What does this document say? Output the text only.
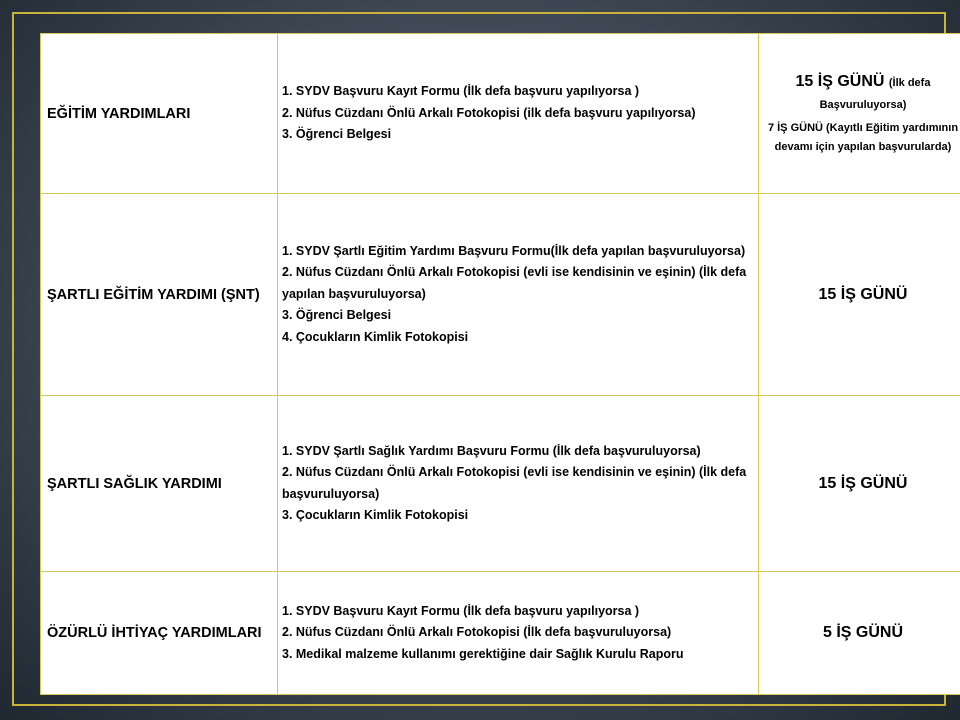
EĞİTİM YARDIMLARI	1. SYDV Başvuru Kayıt Formu (İlk defa başvuru yapılıyorsa )
2. Nüfus Cüzdanı Önlü Arkalı Fotokopisi (ilk defa başvuru yapılıyorsa)
3. Öğrenci Belgesi	15 İŞ GÜNÜ (İlk defa Başvuruluyorsa)
7 İŞ GÜNÜ (Kayıtlı Eğitim yardımının devamı için yapılan başvurularda)

ŞARTLI EĞİTİM YARDIMI (ŞNT)	1. SYDV Şartlı Eğitim Yardımı Başvuru Formu(İlk defa yapılan başvuruluyorsa)
2. Nüfus Cüzdanı Önlü Arkalı Fotokopisi (evli ise kendisinin ve eşinin) (İlk defa yapılan başvuruluyorsa)
3. Öğrenci Belgesi
4. Çocukların Kimlik Fotokopisi	15 İŞ GÜNÜ

ŞARTLI SAĞLIK YARDIMI	1. SYDV Şartlı Sağlık Yardımı Başvuru Formu (İlk defa başvuruluyorsa)
2. Nüfus Cüzdanı Önlü Arkalı Fotokopisi (evli ise kendisinin ve eşinin) (İlk defa başvuruluyorsa)
3. Çocukların Kimlik Fotokopisi	15 İŞ GÜNÜ

ÖZÜRLÜ İHTİYAÇ YARDIMLARI	1. SYDV Başvuru Kayıt Formu (İlk defa başvuru yapılıyorsa )
2. Nüfus Cüzdanı Önlü Arkalı Fotokopisi (İlk defa başvuruluyorsa)
3. Medikal malzeme kullanımı gerektiğine dair Sağlık Kurulu Raporu	5 İŞ GÜNÜ
